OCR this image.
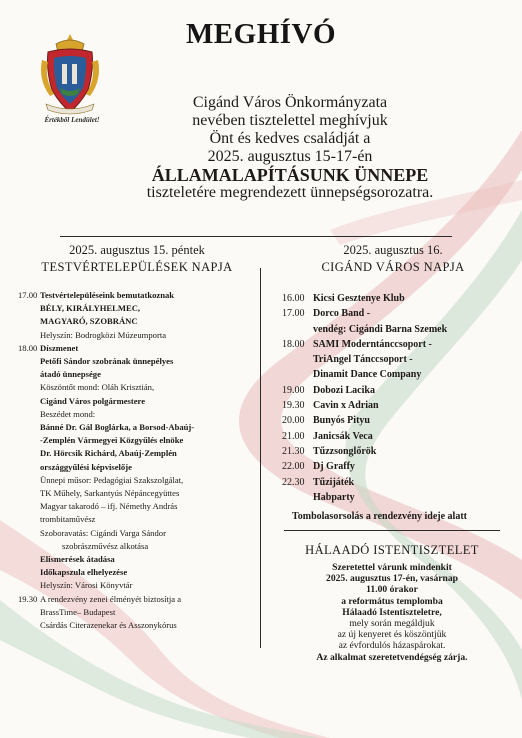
Értékből Lendület!
MEGHÍVÓ
Cigánd Város Önkormányzata
nevében tisztelettel meghívjuk
Önt és kedves családját a
2025. augusztus 15-17-én
ÁLLAMALAPÍTÁSUNK ÜNNEPE
tiszteletére megrendezett ünnepségsorozatra.
2025. augusztus 15. péntek
TESTVÉRTELEPÜLÉSEK NAPJA
17.00 Testvértelepüléseink bemutatkoznak
BÉLY, KIRÁLYHELMEC,
MAGYARÓ, SZOBRÁNC
Helyszín: Bodrogközi Múzeumporta
18.00 Díszmenet
Petőfi Sándor szobrának ünnepélyes
átadó ünnepsége
Köszöntőt mond: Oláh Krisztián,
Cigánd Város polgármestere
Beszédet mond:
Bánné Dr. Gál Boglárka, a Borsod-Abaúj-
-Zemplén Vármegyei Közgyűlés elnöke
Dr. Hörcsik Richárd, Abaúj-Zemplén
országgyűlési képviselője
Ünnepi műsor: Pedagógiai Szakszolgálat,
TK Műhely, Sarkantyús Népáncegyüttes
Magyar takarodó – ifj. Némethy András
trombitaművész
Szoboravatás: Cigándi Varga Sándor
szobrászművész alkotása
Elismerések átadása
Időkapszula elhelyezése
Helyszín: Városi Könyvtár
19.30 A rendezvény zenei élményét biztosítja a
BrassTime– Budapest
Csárdás Citerazenekar és Asszonykórus
2025. augusztus 16.
CIGÁND VÁROS NAPJA
16.00 Kicsi Gesztenye Klub
17.00 Dorco Band -
vendég: Cigándi Barna Szemek
18.00 SAMI Moderntánccsoport -
TriAngel Tánccsoport -
Dinamit Dance Company
19.00 Dobozi Lacika
19.30 Cavin x Adrian
20.00 Bunyós Pityu
21.00 Janicsák Veca
21.30 Tűzzsonglőrök
22.00 Dj Graffy
22.30 Tűzijáték
Habparty
Tombolasorsolás a rendezvény ideje alatt
HÁLAADÓ ISTENTISZTELET
Szeretettel várunk mindenkit
2025. augusztus 17-én, vasárnap
11.00 órakor
a református templomba
Hálaadó Istentiszteletre,
mely során megáldjuk
az új kenyeret és köszöntjük
az évfordulós házaspárokat.
Az alkalmat szeretetvendégség zárja.
